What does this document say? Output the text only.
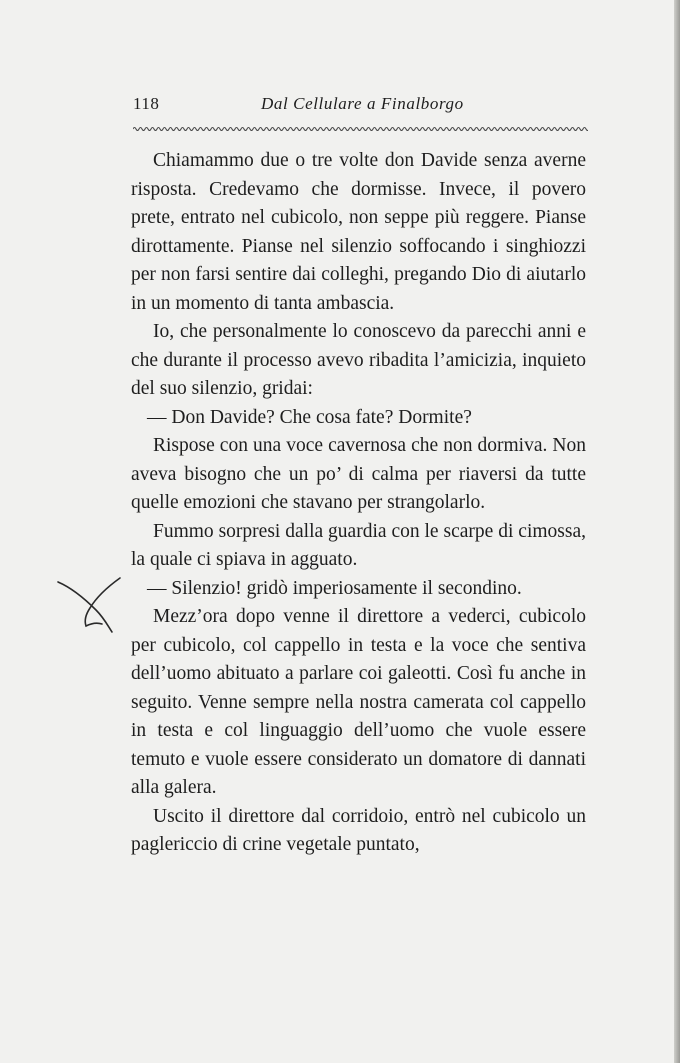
118	Dal Cellulare a Finalborgo

Chiamammo due o tre volte don Davide senza averne risposta. Credevamo che dormisse. Invece, il povero prete, entrato nel cubicolo, non seppe più reggere. Pianse dirottamente. Pianse nel silenzio soffocando i singhiozzi per non farsi sentire dai colleghi, pregando Dio di aiutarlo in un momento di tanta ambascia.

Io, che personalmente lo conoscevo da parecchi anni e che durante il processo avevo ribadita l’amicizia, inquieto del suo silenzio, gridai:

— Don Davide? Che cosa fate? Dormite?

Rispose con una voce cavernosa che non dormiva. Non aveva bisogno che un po’ di calma per riaversi da tutte quelle emozioni che stavano per strangolarlo.

Fummo sorpresi dalla guardia con le scarpe di cimossa, la quale ci spiava in agguato.

— Silenzio! gridò imperiosamente il secondino.

Mezz’ora dopo venne il direttore a vederci, cubicolo per cubicolo, col cappello in testa e la voce che sentiva dell’uomo abituato a parlare coi galeotti. Così fu anche in seguito. Venne sempre nella nostra camerata col cappello in testa e col linguaggio dell’uomo che vuole essere temuto e vuole essere considerato un domatore di dannati alla galera.

Uscito il direttore dal corridoio, entrò nel cubicolo un paglericcio di crine vegetale puntato,
